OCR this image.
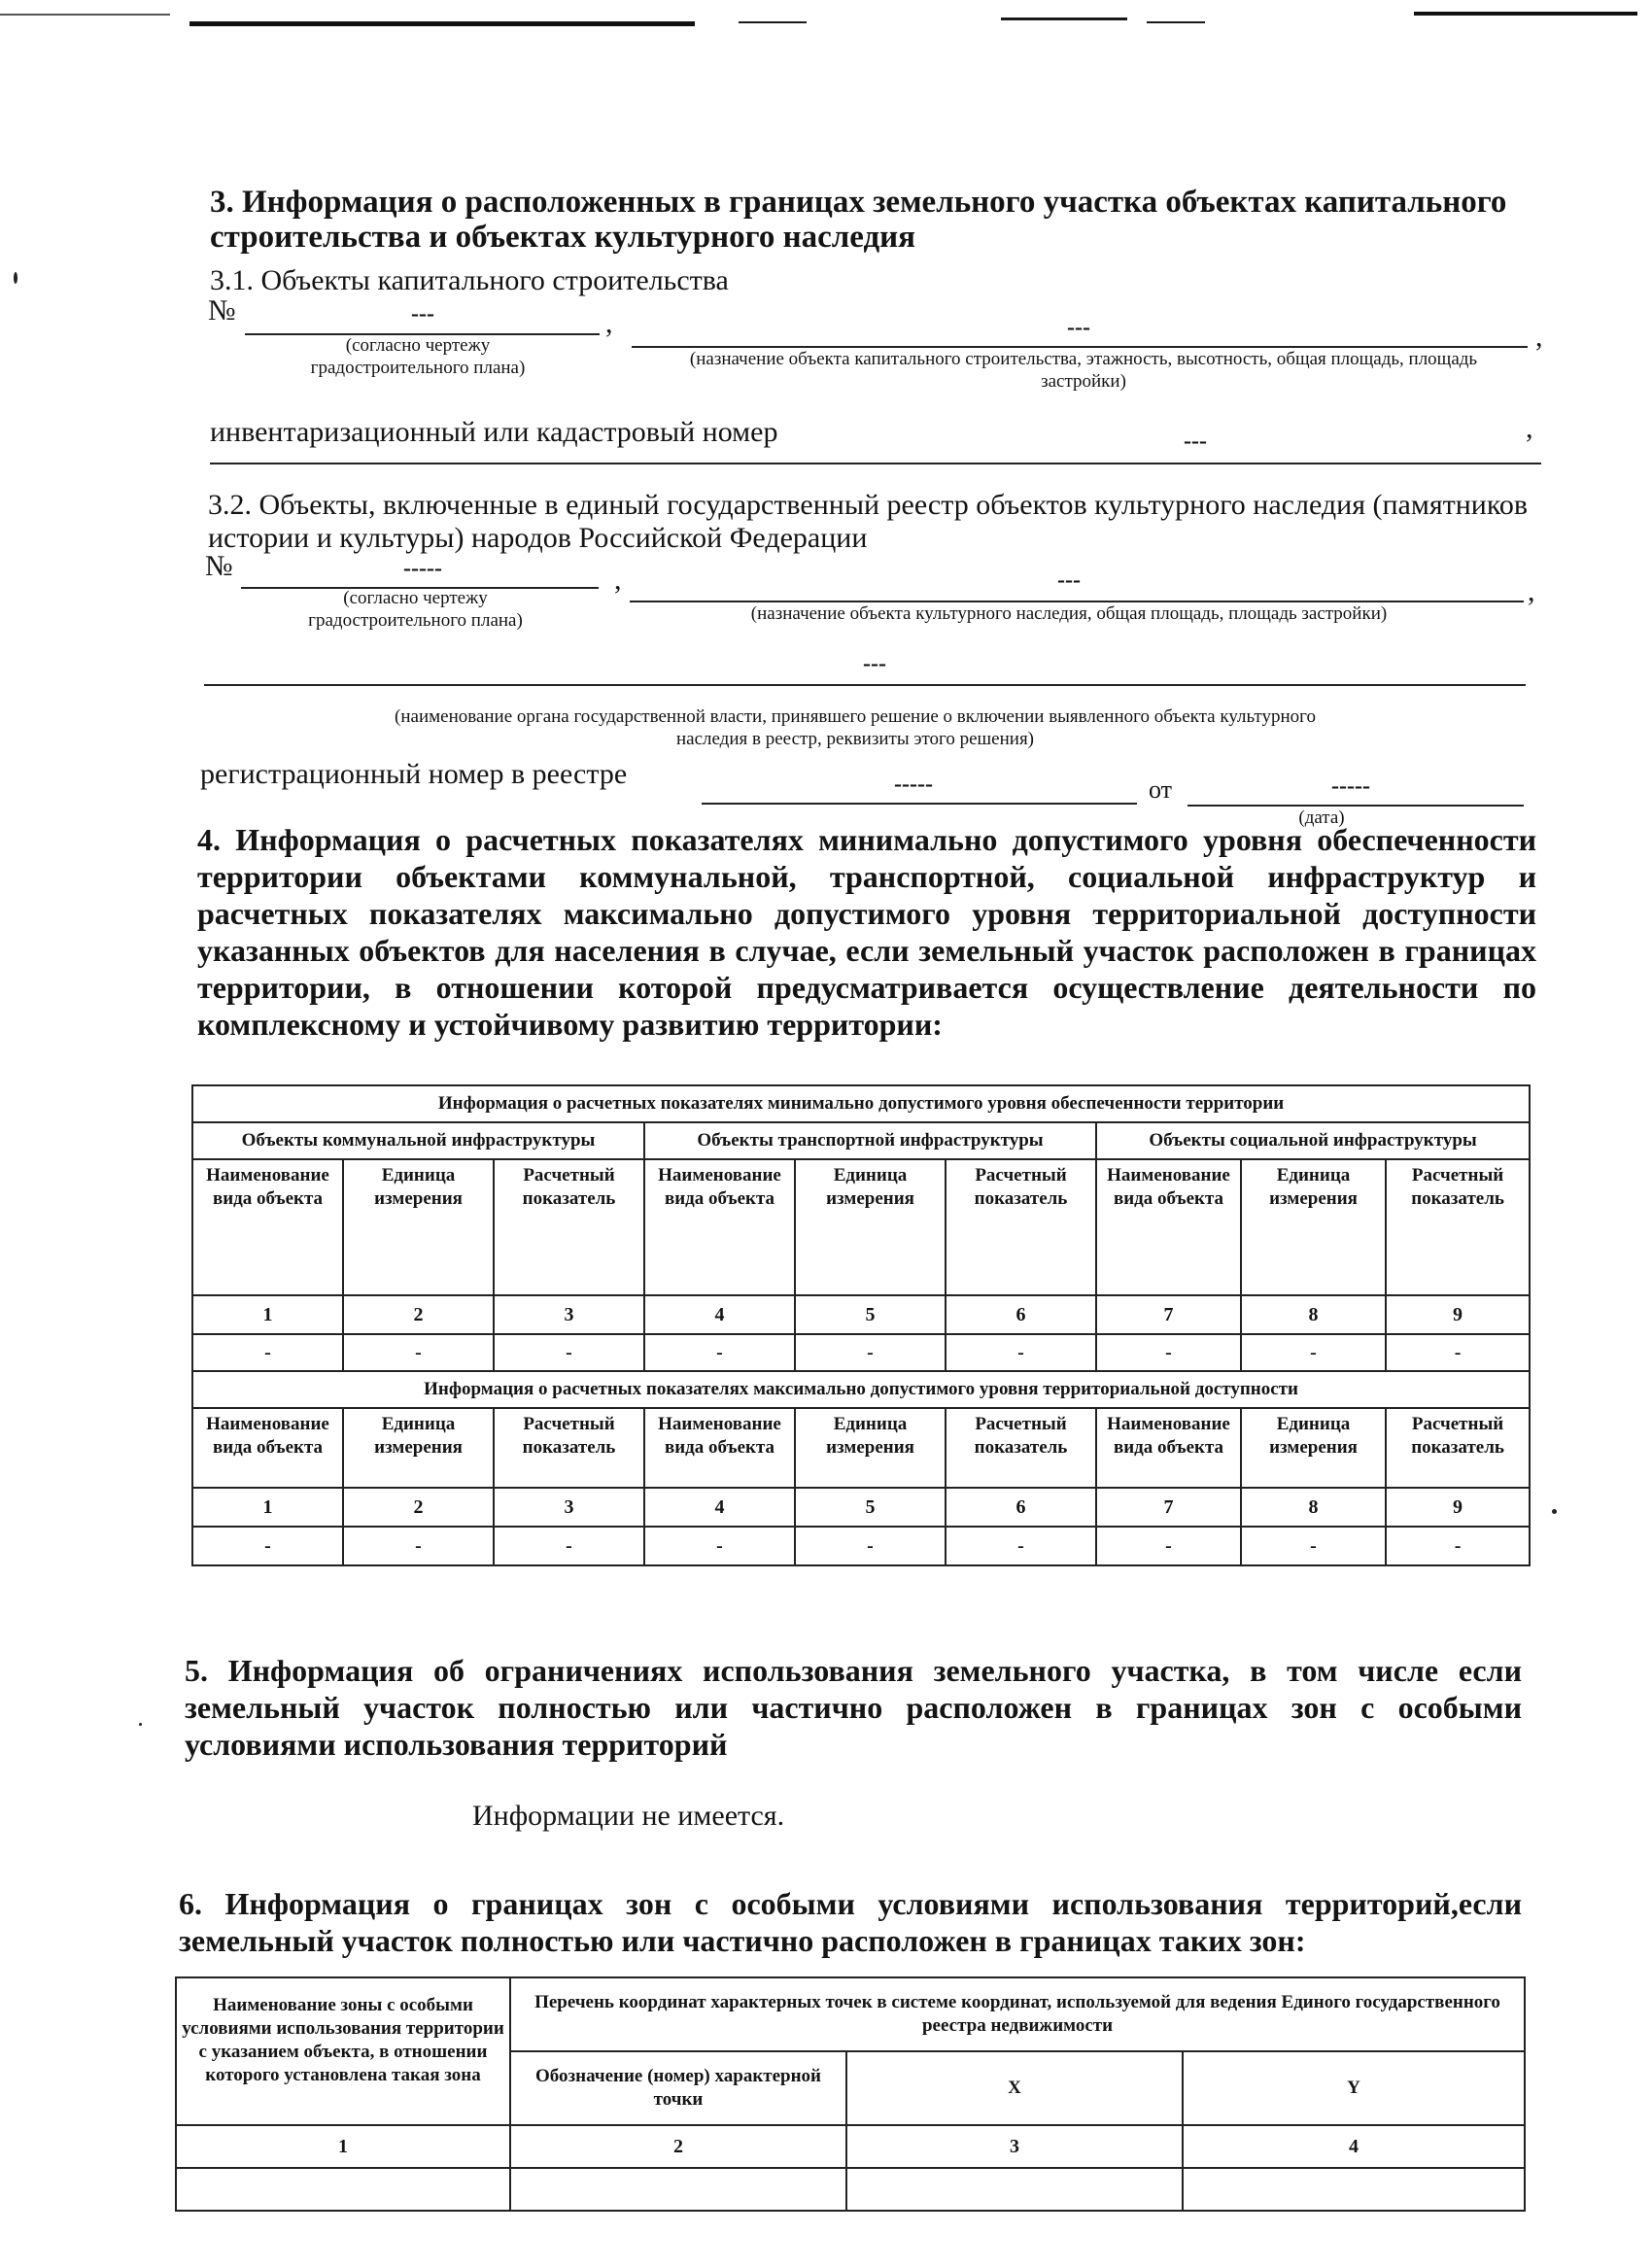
3. Информация о расположенных в границах земельного участка объектах капитального строительства и объектах культурного наследия
3.1. Объекты капитального строительства
№	---	,	---	,
(согласно чертежу градостроительного плана)	(назначение объекта капитального строительства, этажность, высотность, общая площадь, площадь застройки)
инвентаризационный или кадастровый номер	---	,
3.2. Объекты, включенные в единый государственный реестр объектов культурного наследия (памятников истории и культуры) народов Российской Федерации
№	-----	,	---	,
(согласно чертежу градостроительного плана)	(назначение объекта культурного наследия, общая площадь, площадь застройки)
---
(наименование органа государственной власти, принявшего решение о включении выявленного объекта культурного наследия в реестр, реквизиты этого решения)
регистрационный номер в реестре	-----	от	-----
(дата)
4. Информация о расчетных показателях минимально допустимого уровня обеспеченности территории объектами коммунальной, транспортной, социальной инфраструктур и расчетных показателях максимально допустимого уровня территориальной доступности указанных объектов для населения в случае, если земельный участок расположен в границах территории, в отношении которой предусматривается осуществление деятельности по комплексному и устойчивому развитию территории:
Информация о расчетных показателях минимально допустимого уровня обеспеченности территории								
Объекты коммунальной инфраструктуры			Объекты транспортной инфраструктуры			Объекты социальной инфраструктуры		
Наименование вида объекта	Единица измерения	Расчетный показатель	Наименование вида объекта	Единица измерения	Расчетный показатель	Наименование вида объекта	Единица измерения	Расчетный показатель
1	2	3	4	5	6	7	8	9
-	-	-	-	-	-	-	-	-
Информация о расчетных показателях максимально допустимого уровня территориальной доступности								
Наименование вида объекта	Единица измерения	Расчетный показатель	Наименование вида объекта	Единица измерения	Расчетный показатель	Наименование вида объекта	Единица измерения	Расчетный показатель
1	2	3	4	5	6	7	8	9
-	-	-	-	-	-	-	-	-
5. Информация об ограничениях использования земельного участка, в том числе если земельный участок полностью или частично расположен в границах зон с особыми условиями использования территорий
Информации не имеется.
6. Информация о границах зон с особыми условиями использования территорий,если земельный участок полностью или частично расположен в границах таких зон:
Наименование зоны с особыми условиями использования территории с указанием объекта, в отношении которого установлена такая зона	Перечень координат характерных точек в системе координат, используемой для ведения Единого государственного реестра недвижимости		
	Обозначение (номер) характерной точки	X	Y
1	2	3	4
